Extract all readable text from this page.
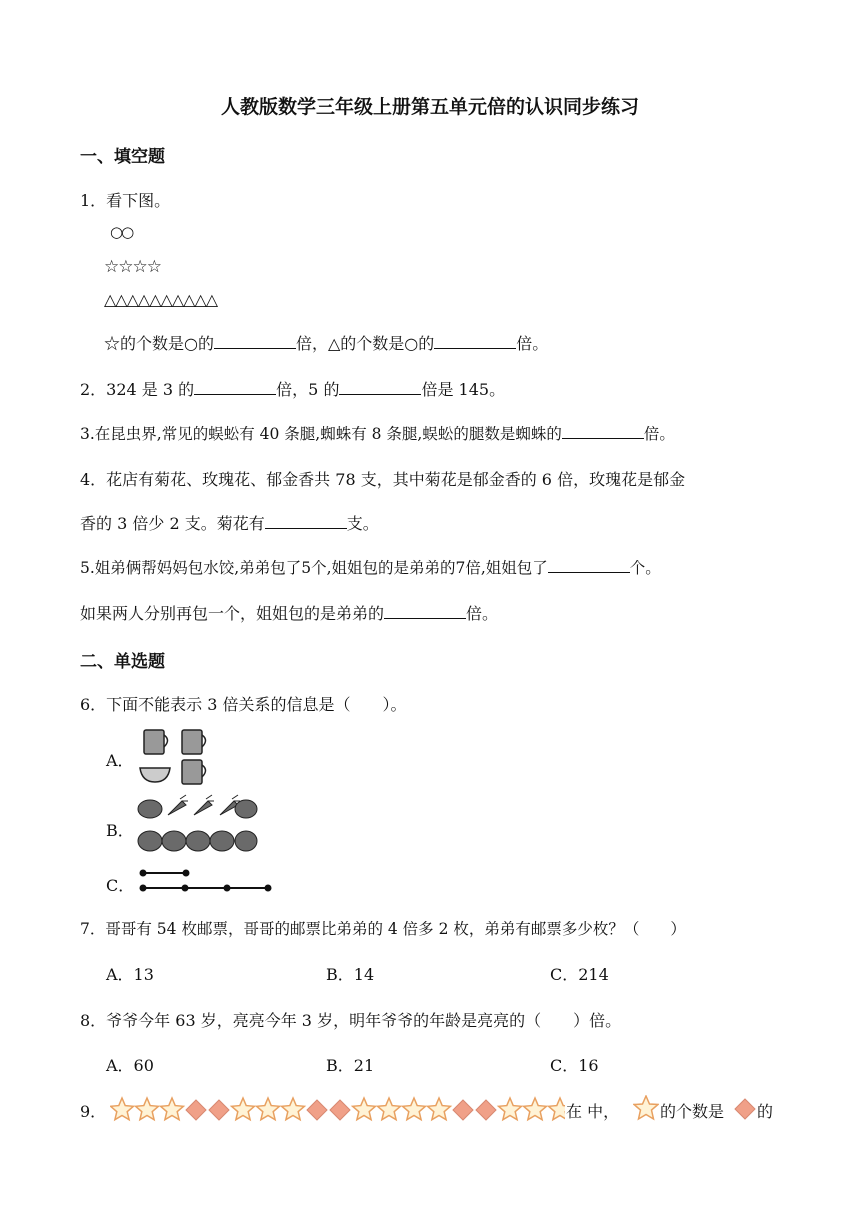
人教版数学三年级上册第五单元倍的认识同步练习
一、填空题
1．看下图。
○○
☆☆☆☆
△△△△△△△△△△
☆的个数是○的	倍，△的个数是○的	倍。
2．324 是 3 的	倍，5 的	倍是 145。
3.在昆虫界,常见的蜈蚣有 40 条腿,蜘蛛有 8 条腿,蜈蚣的腿数是蜘蛛的	倍。
4．花店有菊花、玫瑰花、郁金香共 78 支，其中菊花是郁金香的 6 倍，玫瑰花是郁金
香的 3 倍少 2 支。菊花有	支。
5.姐弟俩帮妈妈包水饺,弟弟包了5个,姐姐包的是弟弟的7倍,姐姐包了	个。
如果两人分别再包一个，姐姐包的是弟弟的	倍。
二、单选题
6．下面不能表示 3 倍关系的信息是（　　）。
A．
B．
C．
7．哥哥有 54 枚邮票，哥哥的邮票比弟弟的 4 倍多 2 枚，弟弟有邮票多少枚？（　　）
A．13	B．14	C．214
8．爷爷今年 63 岁，亮亮今年 3 岁，明年爷爷的年龄是亮亮的（　　）倍。
A．60	B．21	C．16
9．	在 中，	的个数是 的
